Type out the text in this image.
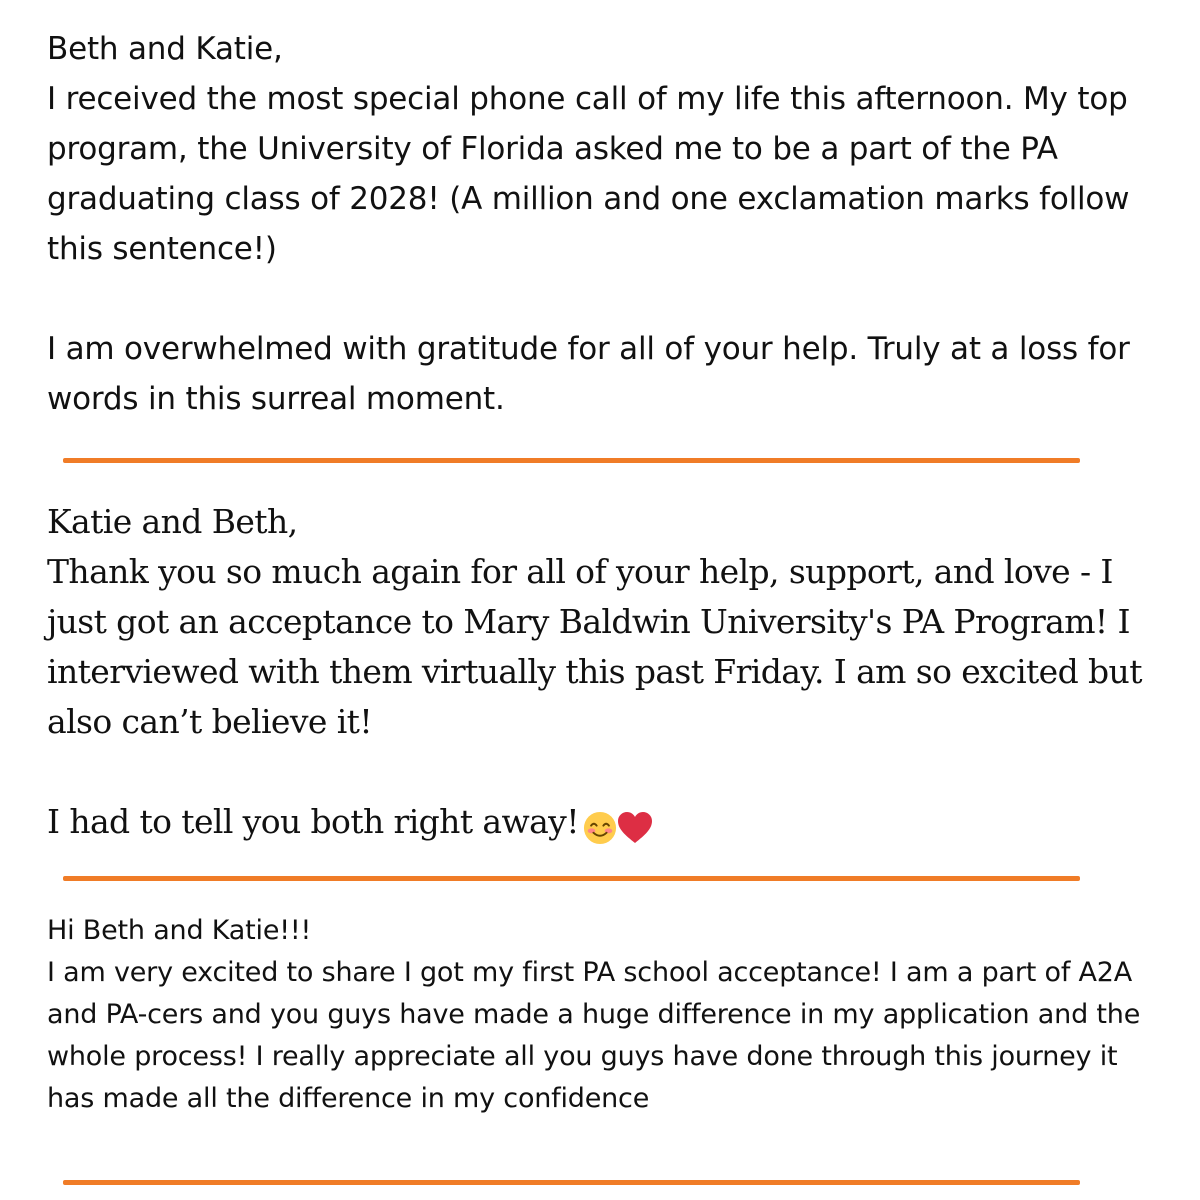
Beth and Katie,

I received the most special phone call of my life this afternoon. My top program, the University of Florida asked me to be a part of the PA graduating class of 2028! (A million and one exclamation marks follow this sentence!)

I am overwhelmed with gratitude for all of your help. Truly at a loss for words in this surreal moment.

Katie and Beth,

Thank you so much again for all of your help, support, and love - I just got an acceptance to Mary Baldwin University's PA Program! I interviewed with them virtually this past Friday. I am so excited but also can’t believe it!

I had to tell you both right away!

Hi Beth and Katie!!!

I am very excited to share I got my first PA school acceptance! I am a part of A2A and PA-cers and you guys have made a huge difference in my application and the whole process! I really appreciate all you guys have done through this journey it has made all the difference in my confidence
